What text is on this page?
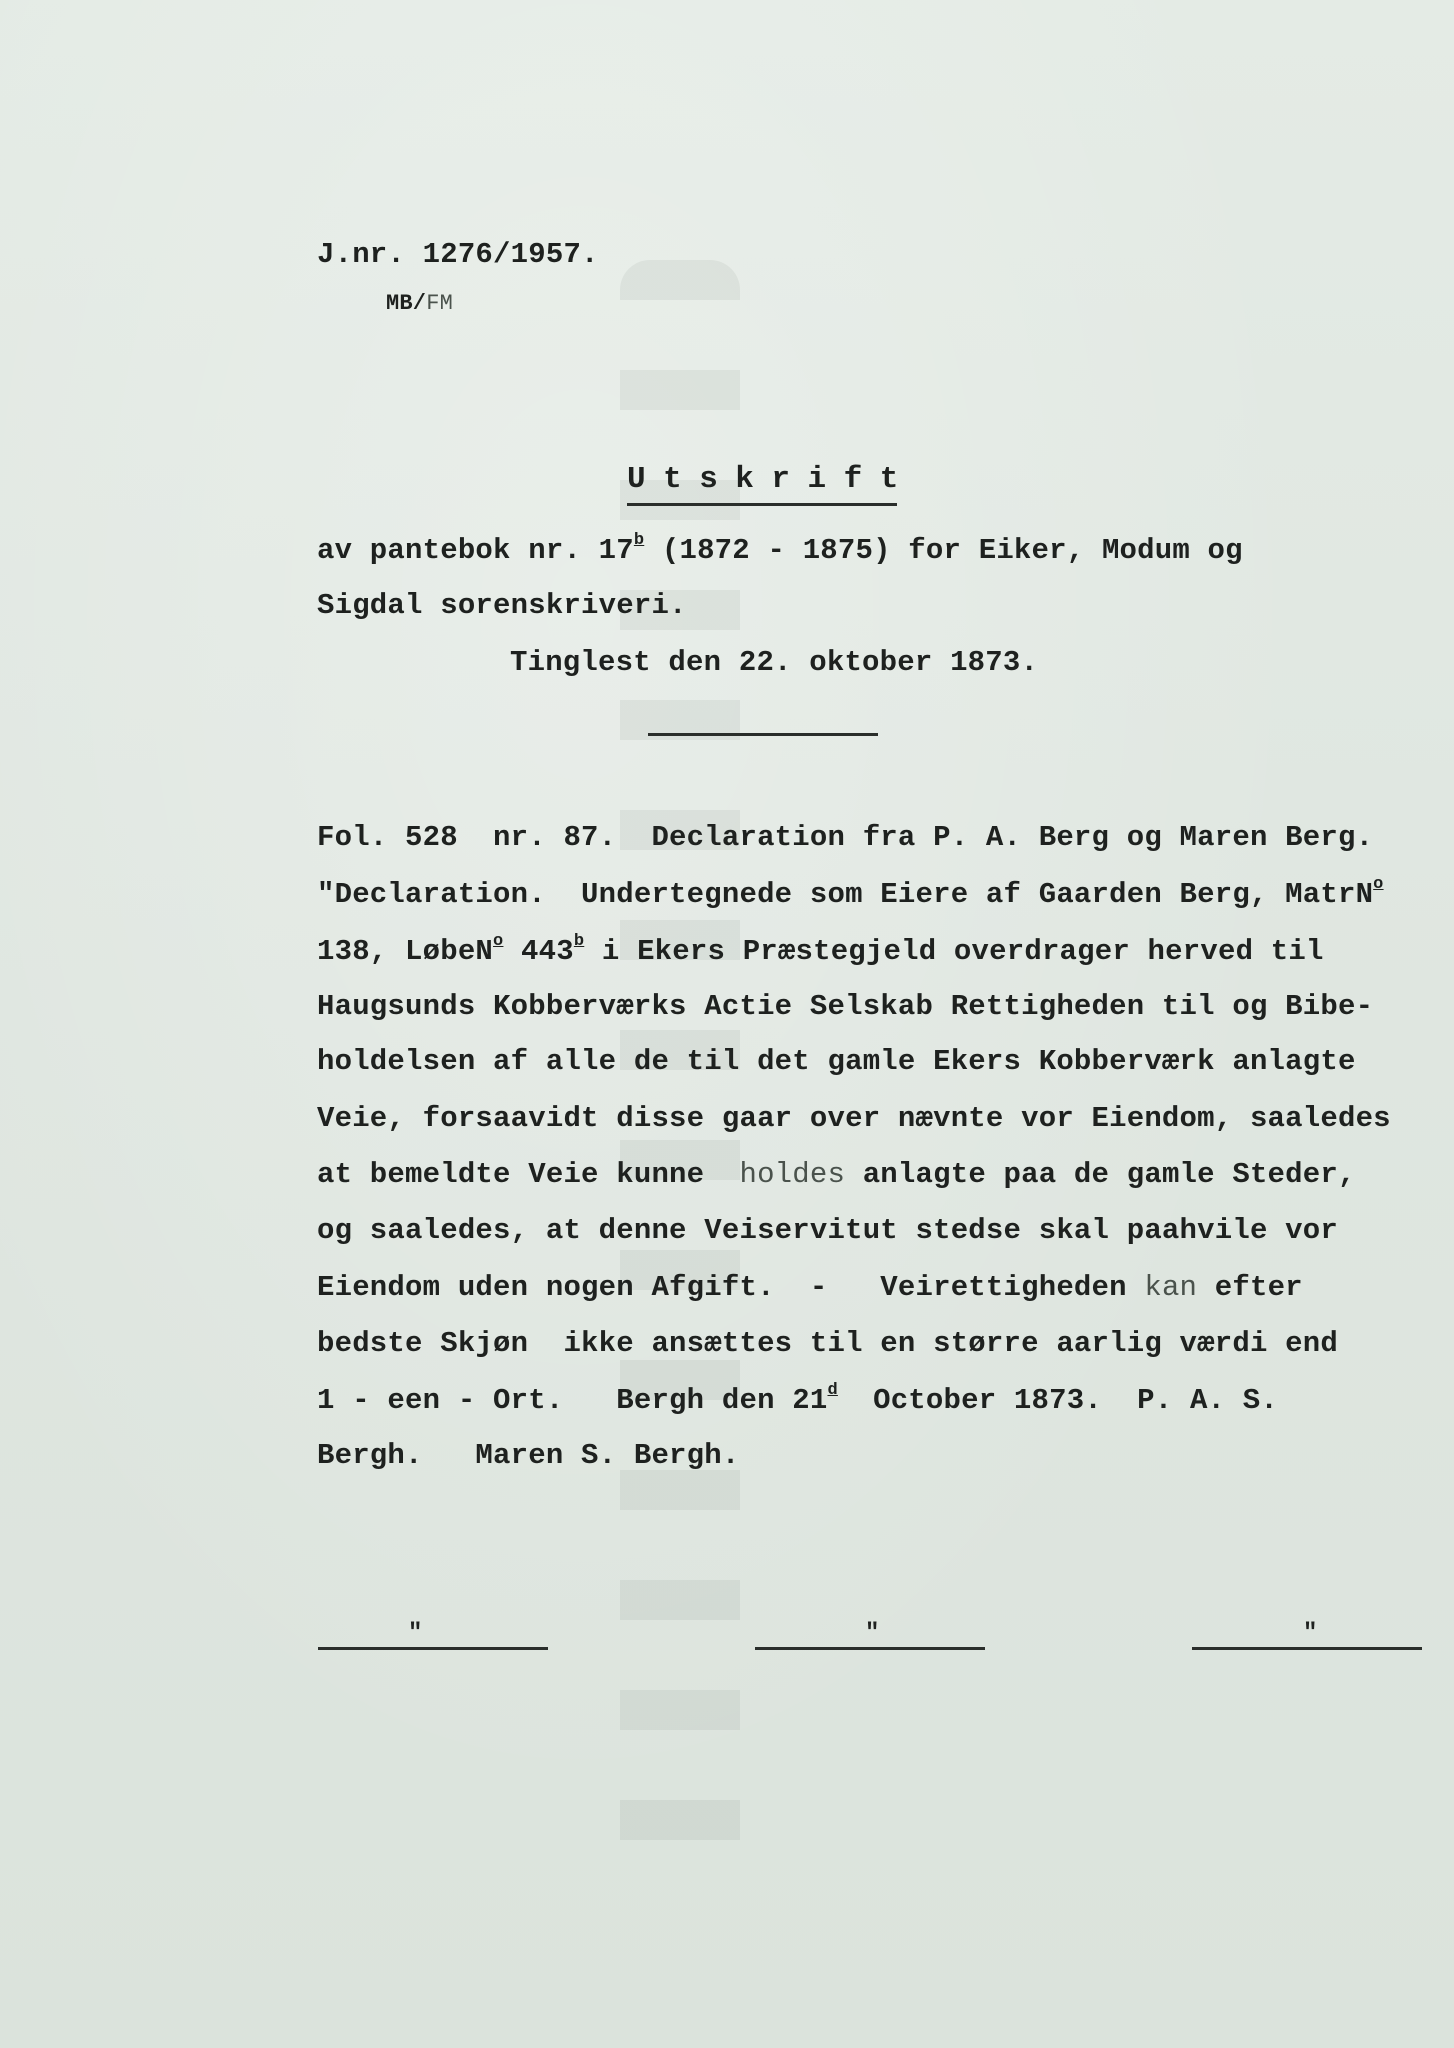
J.nr. 1276/1957.
MB/FM
Utskrift
av pantebok nr. 17$^b$ (1872 - 1875) for Eiker, Modum og
Sigdal sorenskriveri.
Tinglest den 22. oktober 1873.
Fol. 528  nr. 87.  Declaration fra P. A. Berg og Maren Berg.
"Declaration.  Undertegnede som Eiere af Gaarden Berg, MatrN$^o$
138, LøbeN$^o$ 443$^b$ i Ekers Præstegjeld overdrager herved til
Haugsunds Kobberværks Actie Selskab Rettigheden til og Bibe-
holdelsen af alle de til det gamle Ekers Kobberværk anlagte
Veie, forsaavidt disse gaar over nævnte vor Eiendom, saaledes
at bemeldte Veie kunne  holdes anlagte paa de gamle Steder,
og saaledes, at denne Veiservitut stedse skal paahvile vor
Eiendom uden nogen Afgift.  -   Veirettigheden kan efter
bedste Skjøn  ikke ansættes til en større aarlig værdi end
1 - een - Ort.   Bergh den 21$^d$  October 1873.  P. A. S.
Bergh.   Maren S. Bergh.
"	"	"
